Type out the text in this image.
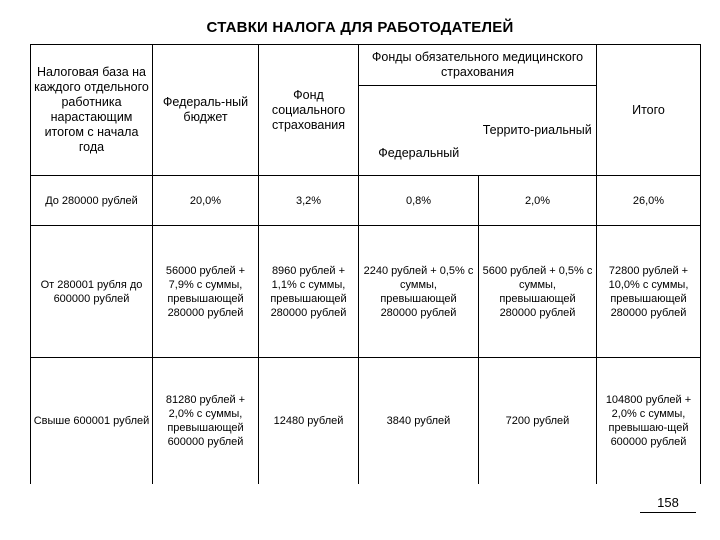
СТАВКИ НАЛОГА ДЛЯ РАБОТОДАТЕЛЕЙ
Налоговая база на каждого отдельного работника нарастающим итогом с начала года	Федераль-ный бюджет	Фонд социального страхования	Фонды обязательного медицинского страхования		Итого
			Федеральный	Террито-риальный	
До 280000 рублей	20,0%	3,2%	0,8%	2,0%	26,0%
От 280001 рубля до 600000 рублей	56000 рублей + 7,9% с суммы, превышающей 280000 рублей	8960 рублей + 1,1% с суммы, превышающей 280000 рублей	2240 рублей + 0,5% с суммы, превышающей 280000 рублей	5600 рублей + 0,5% с суммы, превышающей 280000 рублей	72800 рублей + 10,0% с суммы, превышающей 280000 рублей
Свыше 600001 рублей	81280 рублей + 2,0% с суммы, превышающей 600000 рублей	12480 рублей	3840 рублей	7200 рублей	104800 рублей + 2,0% с суммы, превышаю-щей 600000 рублей
158
